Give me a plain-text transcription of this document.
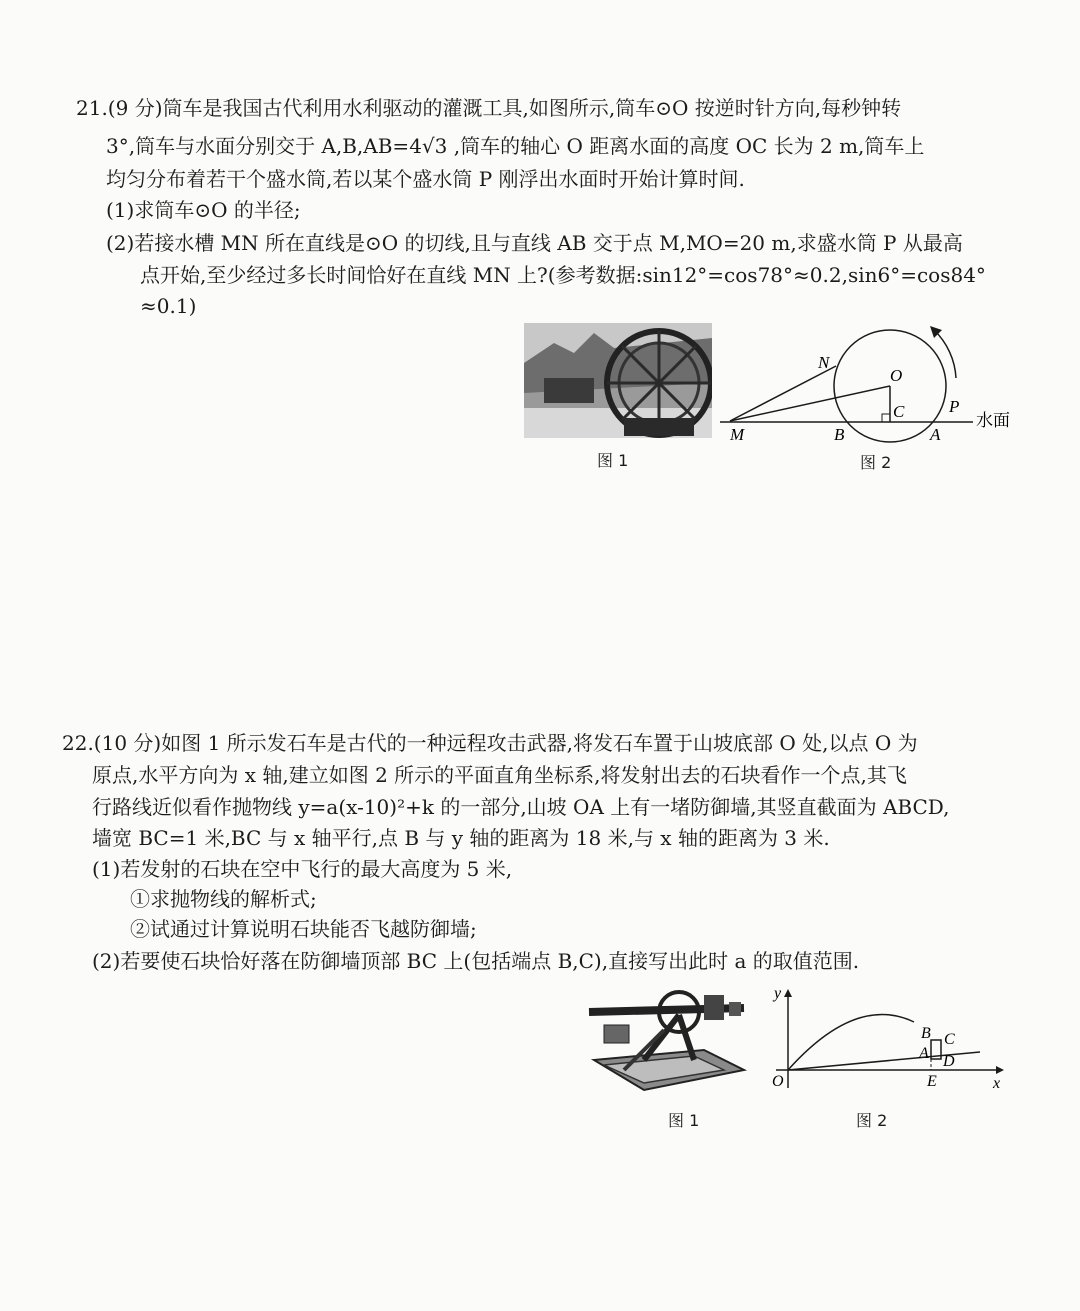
21.(9 分)筒车是我国古代利用水利驱动的灌溉工具,如图所示,筒车⊙O 按逆时针方向,每秒钟转
3°,筒车与水面分别交于 A,B,AB=4√3 ,筒车的轴心 O 距离水面的高度 OC 长为 2 m,筒车上
均匀分布着若干个盛水筒,若以某个盛水筒 P 刚浮出水面时开始计算时间.
(1)求筒车⊙O 的半径;
(2)若接水槽 MN 所在直线是⊙O 的切线,且与直线 AB 交于点 M,MO=20 m,求盛水筒 P 从最高
点开始,至少经过多长时间恰好在直线 MN 上?(参考数据:sin12°=cos78°≈0.2,sin6°=cos84°
≈0.1)
图 1
N
O
C	P
M	B	A
水面
图 2
22.(10 分)如图 1 所示发石车是古代的一种远程攻击武器,将发石车置于山坡底部 O 处,以点 O 为
原点,水平方向为 x 轴,建立如图 2 所示的平面直角坐标系,将发射出去的石块看作一个点,其飞
行路线近似看作抛物线 y=a(x-10)²+k 的一部分,山坡 OA 上有一堵防御墙,其竖直截面为 ABCD,
墙宽 BC=1 米,BC 与 x 轴平行,点 B 与 y 轴的距离为 18 米,与 x 轴的距离为 3 米.
(1)若发射的石块在空中飞行的最大高度为 5 米,
①求抛物线的解析式;
②试通过计算说明石块能否飞越防御墙;
(2)若要使石块恰好落在防御墙顶部 BC 上(包括端点 B,C),直接写出此时 a 的取值范围.
图 1
y
x
O
B C
A D
E
图 2
